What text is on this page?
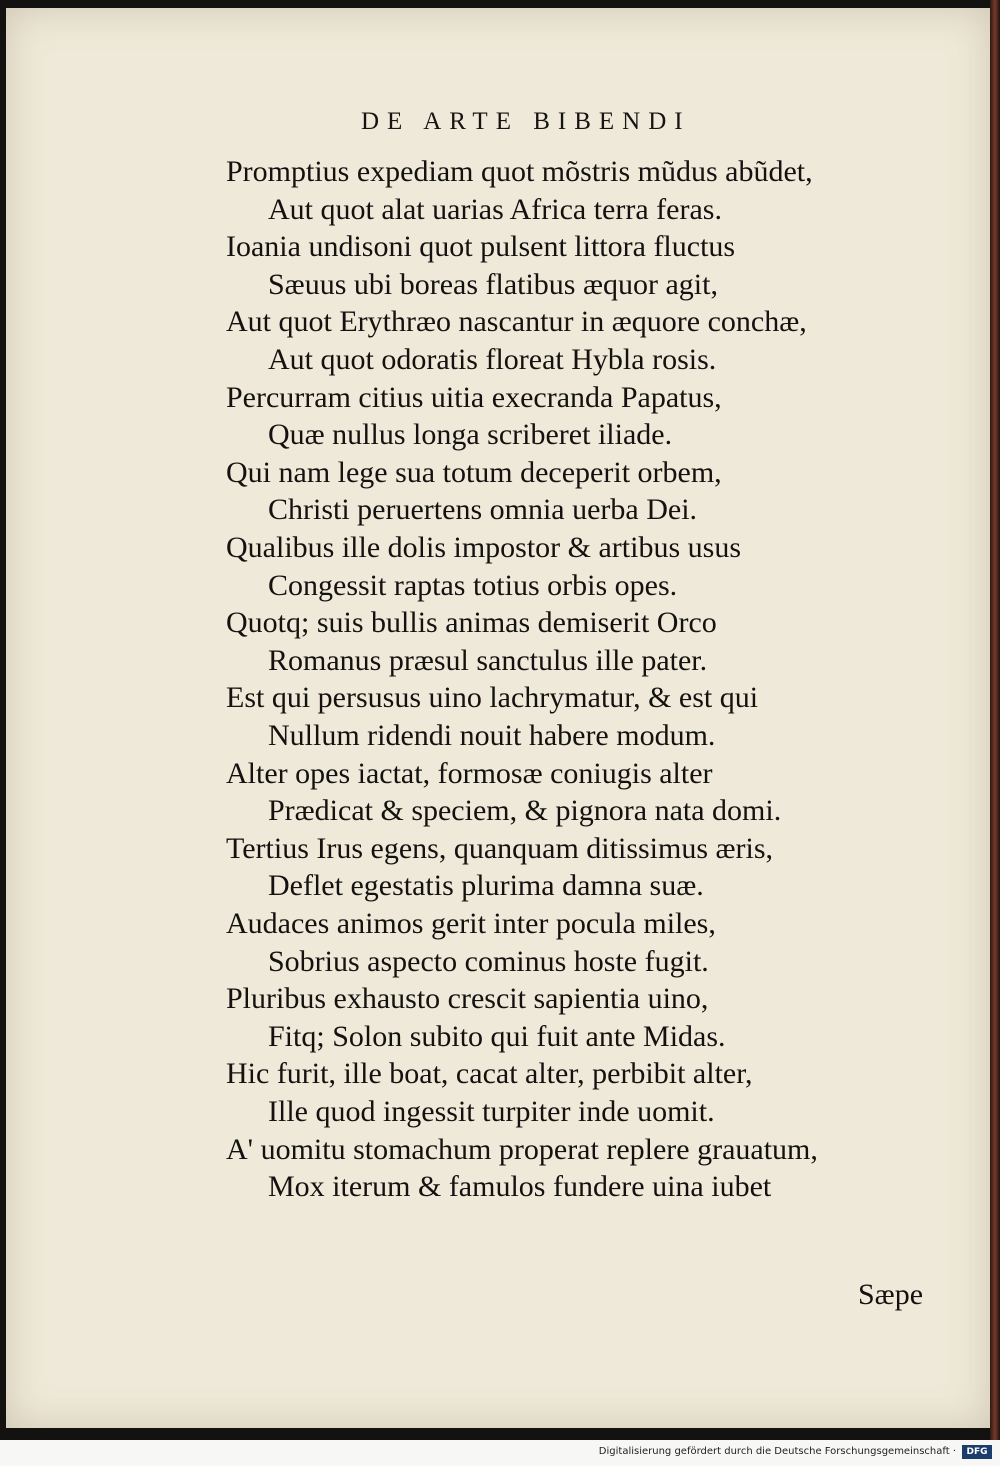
DE ARTE BIBENDI
Promptius expediam quot mõstris mũdus abũdet,
Aut quot alat uarias Africa terra feras.
Ioania undisoni quot pulsent littora fluctus
Sæuus ubi boreas flatibus æquor agit,
Aut quot Erythræo nascantur in æquore conchæ,
Aut quot odoratis floreat Hybla rosis.
Percurram citius uitia execranda Papatus,
Quæ nullus longa scriberet iliade.
Qui nam lege sua totum deceperit orbem,
Christi peruertens omnia uerba Dei.
Qualibus ille dolis impostor & artibus usus
Congessit raptas totius orbis opes.
Quotq; suis bullis animas demiserit Orco
Romanus præsul sanctulus ille pater.
Est qui persusus uino lachrymatur, & est qui
Nullum ridendi nouit habere modum.
Alter opes iactat, formosæ coniugis alter
Prædicat & speciem, & pignora nata domi.
Tertius Irus egens, quanquam ditissimus æris,
Deflet egestatis plurima damna suæ.
Audaces animos gerit inter pocula miles,
Sobrius aspecto cominus hoste fugit.
Pluribus exhausto crescit sapientia uino,
Fitq; Solon subito qui fuit ante Midas.
Hic furit, ille boat, cacat alter, perbibit alter,
Ille quod ingessit turpiter inde uomit.
A' uomitu stomachum properat replere grauatum,
Mox iterum & famulos fundere uina iubet
Sæpe
Digitalisierung gefördert durch die Deutsche Forschungsgemeinschaft ·	DFG
